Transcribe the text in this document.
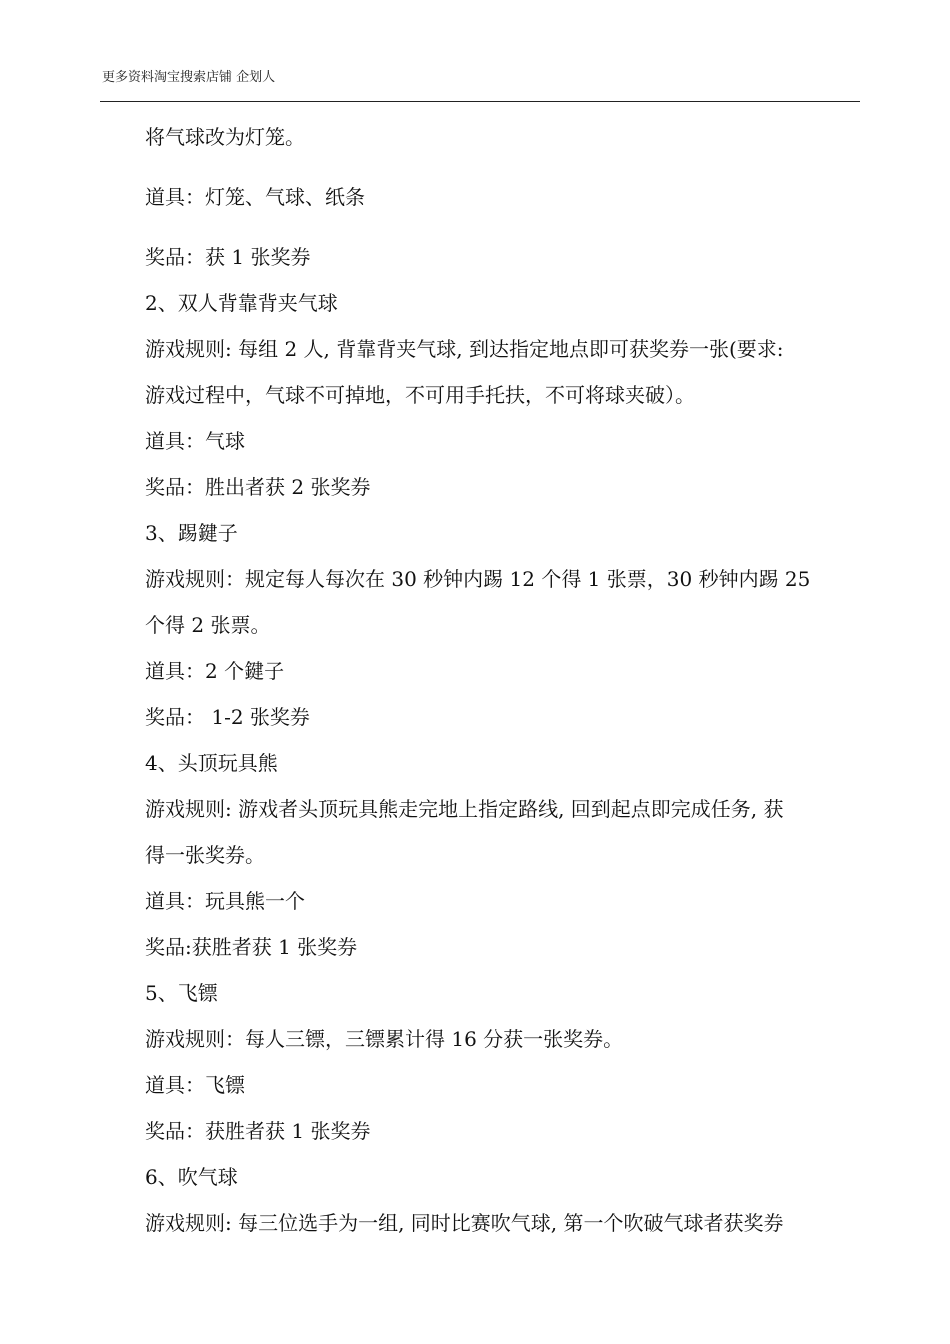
更多资料淘宝搜索店铺 企划人
将气球改为灯笼。
道具：灯笼、气球、纸条
奖品：获 1 张奖券
2、双人背靠背夹气球
游戏规则: 每组 2 人, 背靠背夹气球, 到达指定地点即可获奖券一张(要求:
游戏过程中，气球不可掉地，不可用手托扶，不可将球夹破）。
道具：气球
奖品：胜出者获 2 张奖券
3、踢鍵子
游戏规则：规定每人每次在 30 秒钟内踢 12 个得 1 张票，30 秒钟内踢 25
个得 2 张票。
道具：2 个鍵子
奖品： 1-2 张奖券
4、头顶玩具熊
游戏规则: 游戏者头顶玩具熊走完地上指定路线, 回到起点即完成任务, 获
得一张奖券。
道具：玩具熊一个
奖品:获胜者获 1 张奖券
5、飞镖
游戏规则：每人三镖，三镖累计得 16 分获一张奖券。
道具：飞镖
奖品：获胜者获 1 张奖券
6、吹气球
游戏规则: 每三位选手为一组, 同时比赛吹气球, 第一个吹破气球者获奖券
